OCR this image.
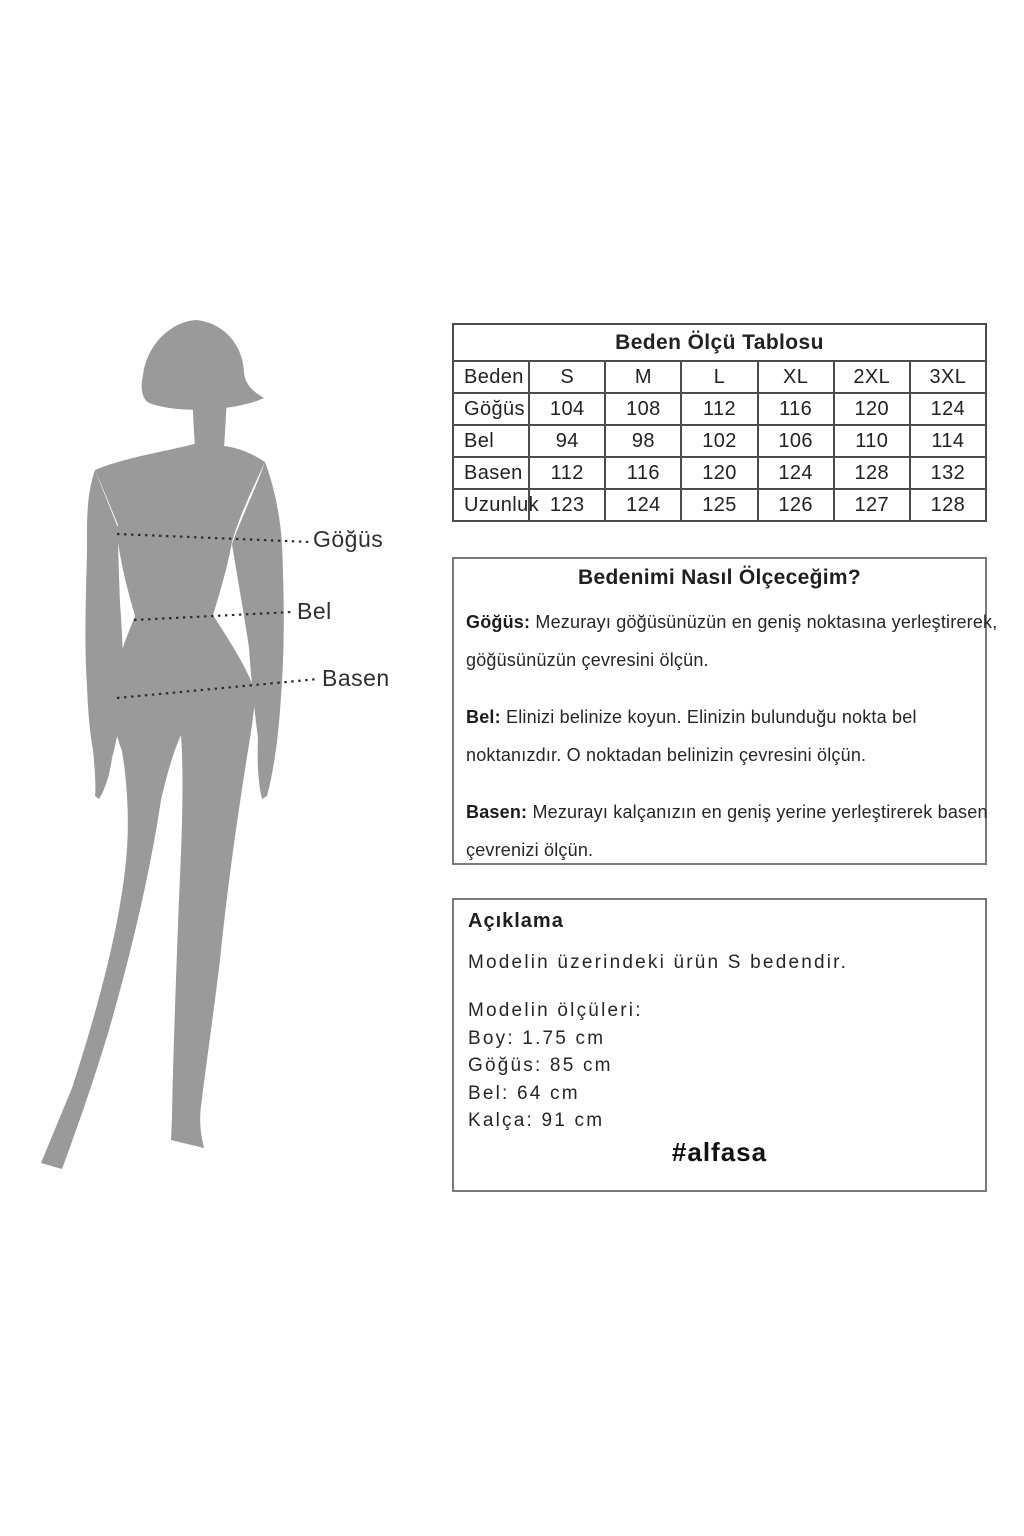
Göğüs
Bel
Basen
Beden Ölçü Tablosu						
Beden	S	M	L	XL	2XL	3XL
Göğüs	104	108	112	116	120	124
Bel	94	98	102	106	110	114
Basen	112	116	120	124	128	132
Uzunluk	123	124	125	126	127	128
Bedenimi Nasıl Ölçeceğim?

Göğüs: Mezurayı göğüsünüzün en geniş noktasına yerleştirerek,
göğüsünüzün çevresini ölçün.

Bel: Elinizi belinize koyun. Elinizin bulunduğu nokta bel
noktanızdır. O noktadan belinizin çevresini ölçün.

Basen: Mezurayı kalçanızın en geniş yerine yerleştirerek basen
çevrenizi ölçün.

Açıklama
Modelin üzerindeki ürün S bedendir.
Modelin ölçüleri:
Boy: 1.75 cm
Göğüs: 85 cm
Bel: 64 cm
Kalça: 91 cm
#alfasa
